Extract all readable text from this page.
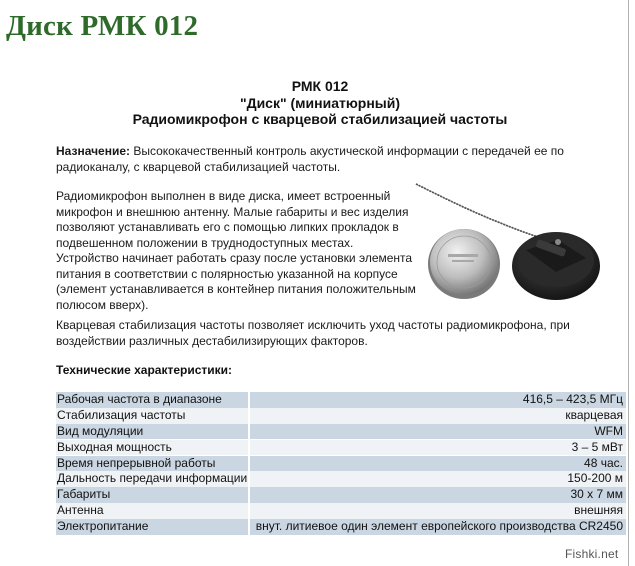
Диск РМК 012
РМК 012
"Диск" (миниатюрный)
Радиомикрофон с кварцевой стабилизацией частоты
Назначение: Высококачественный контроль акустической информации с передачей ее по радиоканалу, с кварцевой стабилизацией частоты.
Радиомикрофон выполнен в виде диска, имеет встроенный микрофон и внешнюю антенну. Малые габариты и вес изделия позволяют устанавливать его с помощью липких прокладок в подвешенном положении в труднодоступных местах. Устройство начинает работать сразу после установки элемента питания в соответствии с полярностью указанной на корпусе (элемент устанавливается в контейнер питания положительным полюсом вверх).
Кварцевая стабилизация частоты позволяет исключить уход частоты радиомикрофона, при воздействии различных дестабилизирующих факторов.
Технические характеристики:
Рабочая частота в диапазоне	416,5 – 423,5 МГц
Стабилизация частоты	кварцевая
Вид модуляции	WFM
Выходная мощность	3 – 5 мВт
Время непрерывной работы	48 час.
Дальность передачи информации	150-200 м
Габариты	30 х 7 мм
Антенна	внешняя
Электропитание	внут. литиевое один элемент европейского производства CR2450
Fishki.net
